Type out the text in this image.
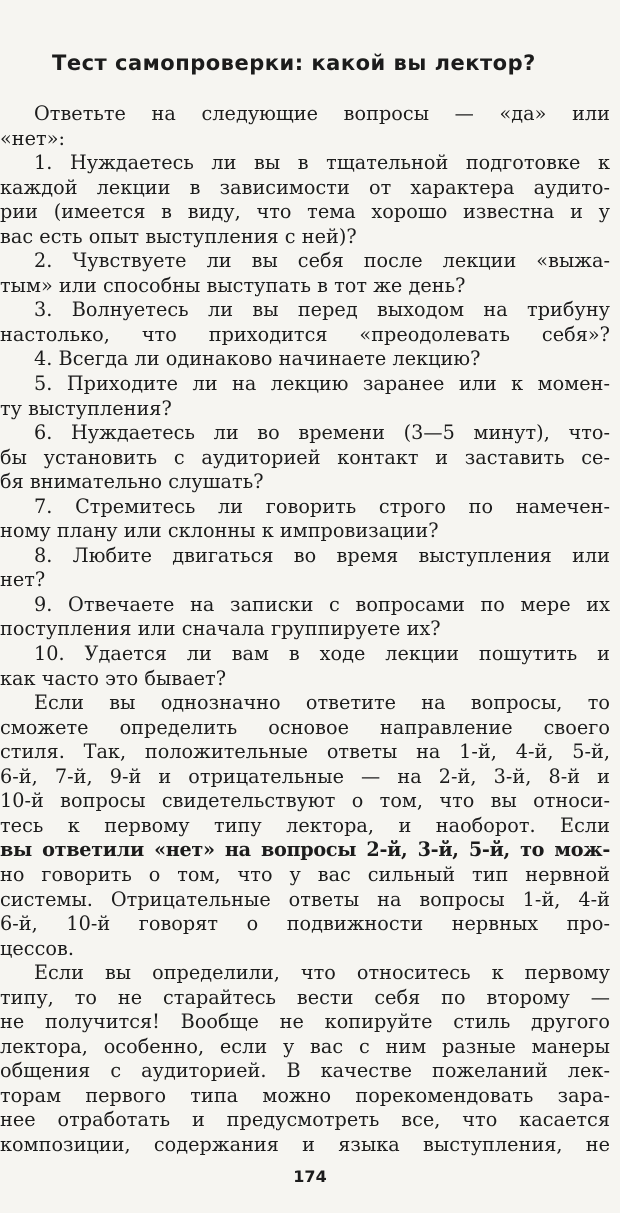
Тест самопроверки: какой вы лектор?
Ответьте на следующие вопросы — «да» или
«нет»:
1. Нуждаетесь ли вы в тщательной подготовке к
каждой лекции в зависимости от характера аудито-
рии (имеется в виду, что тема хорошо известна и у
вас есть опыт выступления с ней)?
2. Чувствуете ли вы себя после лекции «выжа-
тым» или способны выступать в тот же день?
3. Волнуетесь ли вы перед выходом на трибуну
настолько, что приходится «преодолевать себя»?
4. Всегда ли одинаково начинаете лекцию?
5. Приходите ли на лекцию заранее или к момен-
ту выступления?
6. Нуждаетесь ли во времени (3—5 минут), что-
бы установить с аудиторией контакт и заставить се-
бя внимательно слушать?
7. Стремитесь ли говорить строго по намечен-
ному плану или склонны к импровизации?
8. Любите двигаться во время выступления или
нет?
9. Отвечаете на записки с вопросами по мере их
поступления или сначала группируете их?
10. Удается ли вам в ходе лекции пошутить и
как часто это бывает?
Если вы однозначно ответите на вопросы, то
сможете определить основое направление своего
стиля. Так, положительные ответы на 1-й, 4-й, 5-й,
6-й, 7-й, 9-й и отрицательные — на 2-й, 3-й, 8-й и
10-й вопросы свидетельствуют о том, что вы относи-
тесь к первому типу лектора, и наоборот. Если
вы ответили «нет» на вопросы 2-й, 3-й, 5-й, то мож-
но говорить о том, что у вас сильный тип нервной
системы. Отрицательные ответы на вопросы 1-й, 4-й
6-й, 10-й говорят о подвижности нервных про-
цессов.
Если вы определили, что относитесь к первому
типу, то не старайтесь вести себя по второму —
не получится! Вообще не копируйте стиль другого
лектора, особенно, если у вас с ним разные манеры
общения с аудиторией. В качестве пожеланий лек-
торам первого типа можно порекомендовать зара-
нее отработать и предусмотреть все, что касается
композиции, содержания и языка выступления, не
174
